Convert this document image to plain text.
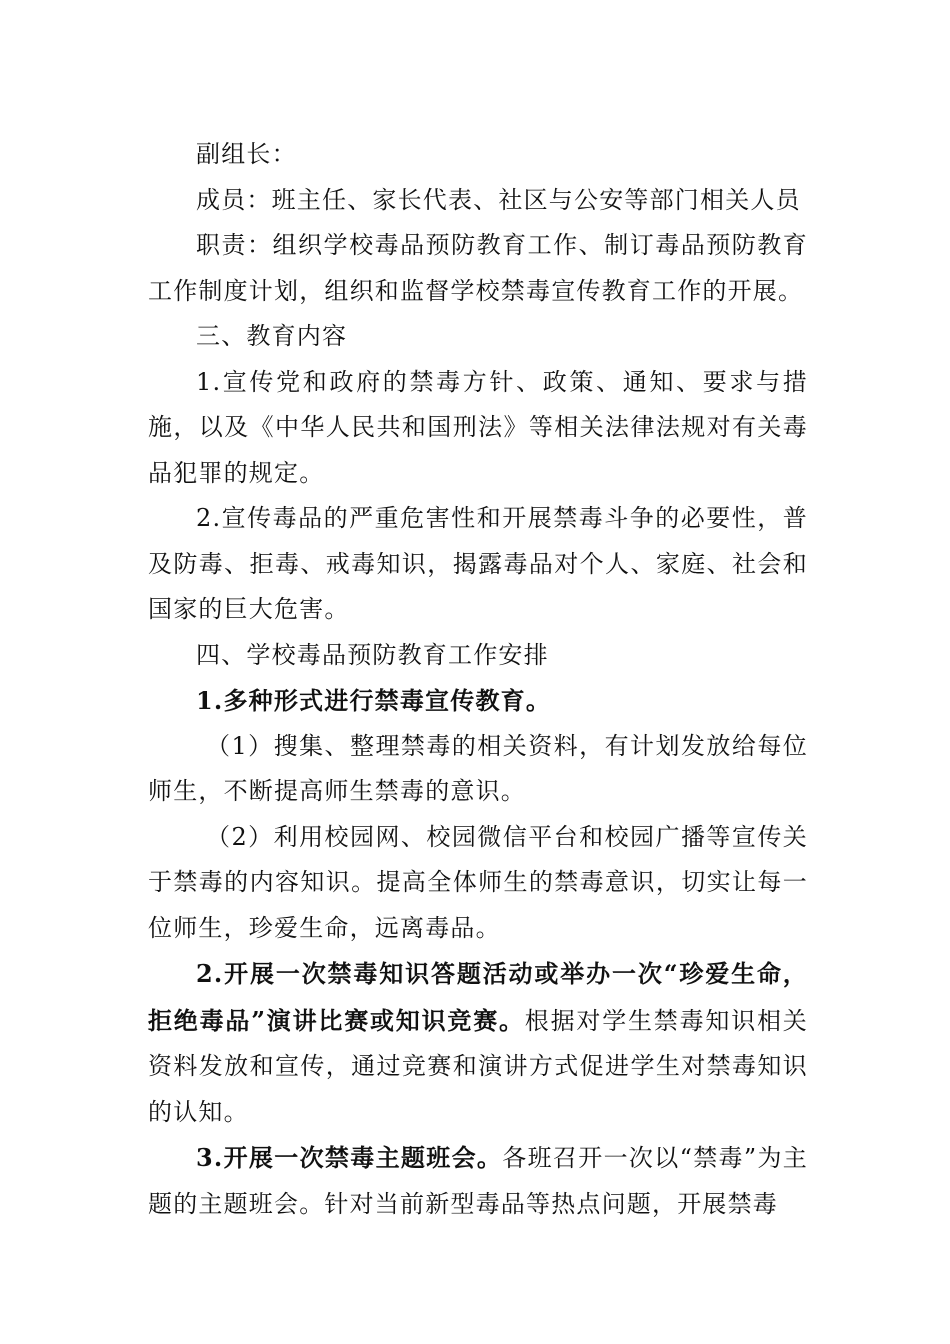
副组长：

成员：班主任、家长代表、社区与公安等部门相关人员

职责：组织学校毒品预防教育工作、制订毒品预防教育工作制度计划，组织和监督学校禁毒宣传教育工作的开展。

三、教育内容

1.宣传党和政府的禁毒方针、政策、通知、要求与措施，以及《中华人民共和国刑法》等相关法律法规对有关毒品犯罪的规定。

2.宣传毒品的严重危害性和开展禁毒斗争的必要性，普及防毒、拒毒、戒毒知识，揭露毒品对个人、家庭、社会和国家的巨大危害。

四、学校毒品预防教育工作安排

1.多种形式进行禁毒宣传教育。

（1）搜集、整理禁毒的相关资料，有计划发放给每位师生，不断提高师生禁毒的意识。

（2）利用校园网、校园微信平台和校园广播等宣传关于禁毒的内容知识。提高全体师生的禁毒意识，切实让每一位师生，珍爱生命，远离毒品。

2.开展一次禁毒知识答题活动或举办一次“珍爱生命，拒绝毒品”演讲比赛或知识竞赛。根据对学生禁毒知识相关资料发放和宣传，通过竞赛和演讲方式促进学生对禁毒知识的认知。

3.开展一次禁毒主题班会。各班召开一次以“禁毒”为主题的主题班会。针对当前新型毒品等热点问题，开展禁毒
